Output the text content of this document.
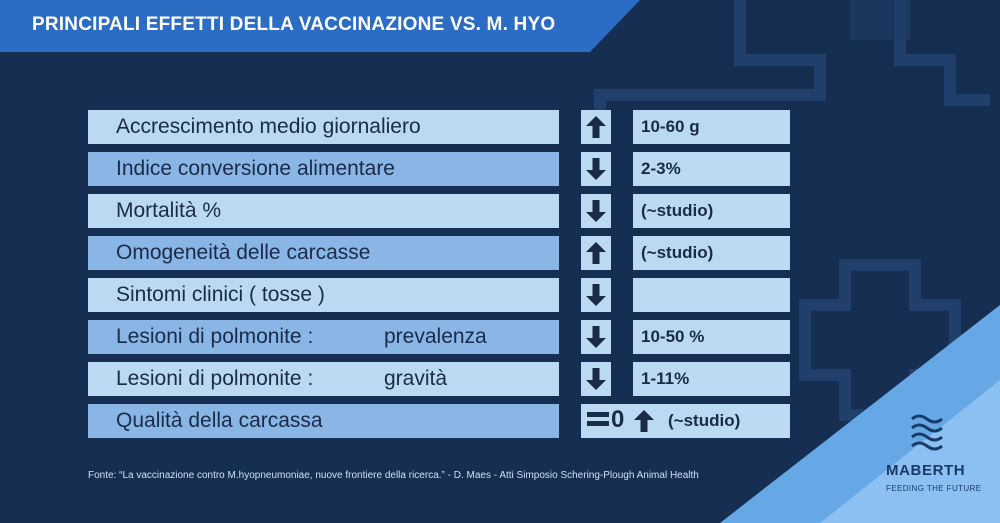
PRINCIPALI EFFETTI DELLA VACCINAZIONE VS. M. HYO
Accrescimento medio giornaliero	10-60 g
Indice conversione alimentare	2-3%
Mortalità %	(~studio)
Omogeneità delle carcasse	(~studio)
Sintomi clinici ( tosse )
Lesioni di polmonite :	prevalenza	10-50 %
Lesioni di polmonite :	gravità	1-11%
Qualità della carcassa	0	(~studio)
Fonte: “La vaccinazione contro M.hyopneumoniae, nuove frontiere della ricerca.” - D. Maes - Atti Simposio Schering-Plough Animal Health	MABERTH
FEEDING THE FUTURE
